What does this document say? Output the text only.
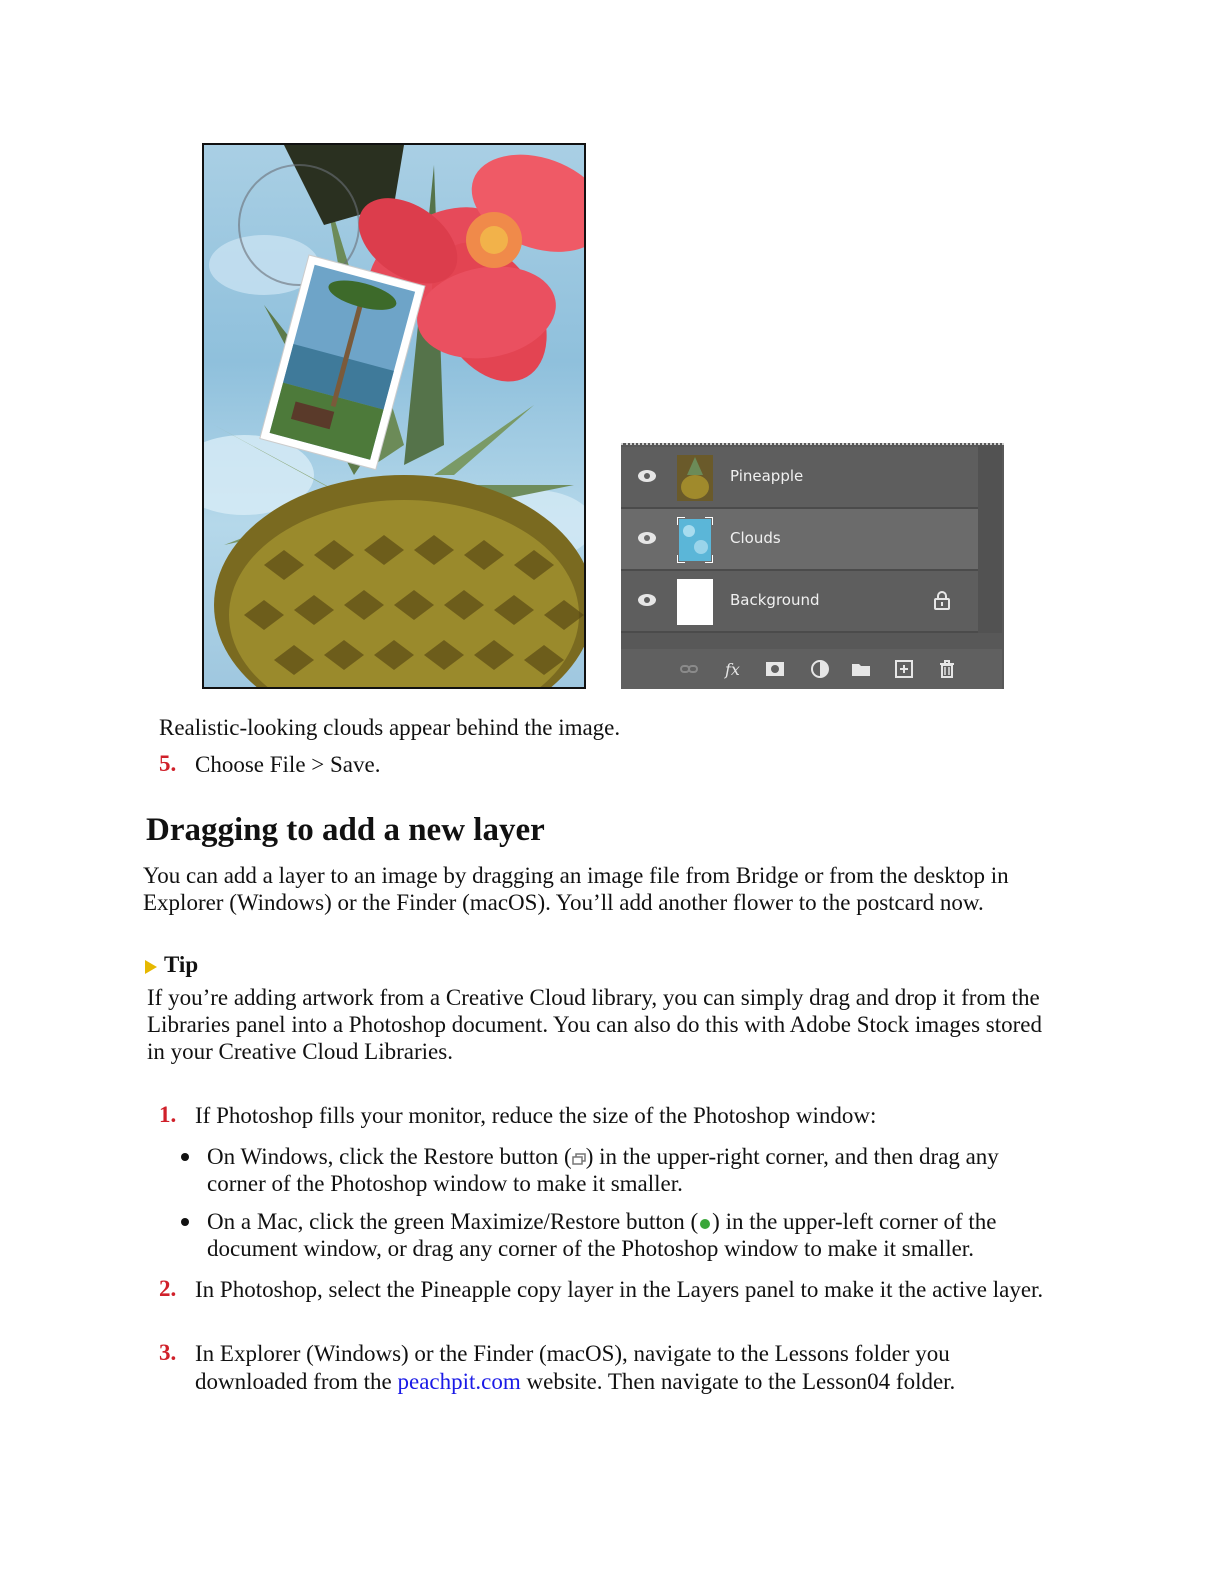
Pineapple
Clouds
Background
fx
Realistic-looking clouds appear behind the image.
5. Choose File > Save.
Dragging to add a new layer
You can add a layer to an image by dragging an image file from Bridge or from the desktop in Explorer (Windows) or the Finder (macOS). You’ll add another flower to the postcard now.
Tip
If you’re adding artwork from a Creative Cloud library, you can simply drag and drop it from the Libraries panel into a Photoshop document. You can also do this with Adobe Stock images stored in your Creative Cloud Libraries.
1. If Photoshop fills your monitor, reduce the size of the Photoshop window:
On Windows, click the Restore button ( ) in the upper-right corner, and then drag any corner of the Photoshop window to make it smaller.
On a Mac, click the green Maximize/Restore button ( ) in the upper-left corner of the document window, or drag any corner of the Photoshop window to make it smaller.
2. In Photoshop, select the Pineapple copy layer in the Layers panel to make it the active layer.
3. In Explorer (Windows) or the Finder (macOS), navigate to the Lessons folder you downloaded from the peachpit.com website. Then navigate to the Lesson04 folder.
